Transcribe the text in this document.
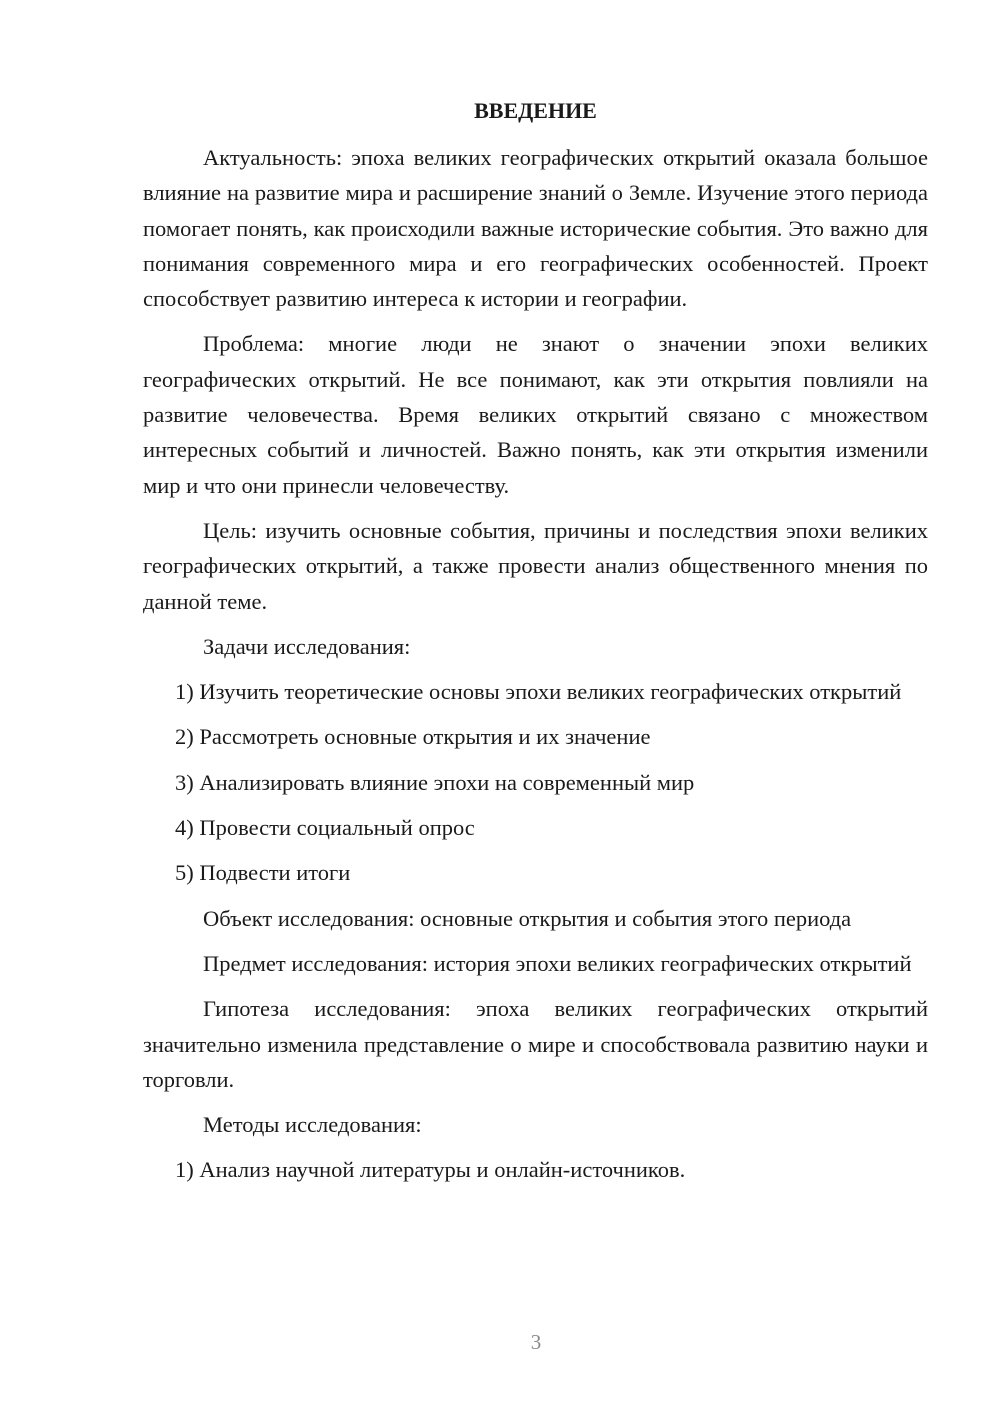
ВВЕДЕНИЕ

Актуальность: эпоха великих географических открытий оказала большое влияние на развитие мира и расширение знаний о Земле. Изучение этого периода помогает понять, как происходили важные исторические события. Это важно для понимания современного мира и его географических особенностей. Проект способствует развитию интереса к истории и географии.

Проблема: многие люди не знают о значении эпохи великих географических открытий. Не все понимают, как эти открытия повлияли на развитие человечества. Время великих открытий связано с множеством интересных событий и личностей. Важно понять, как эти открытия изменили мир и что они принесли человечеству.

Цель: изучить основные события, причины и последствия эпохи великих географических открытий, а также провести анализ общественного мнения по данной теме.

Задачи исследования:

1) Изучить теоретические основы эпохи великих географических открытий

2) Рассмотреть основные открытия и их значение

3) Анализировать влияние эпохи на современный мир

4) Провести социальный опрос

5) Подвести итоги

Объект исследования: основные открытия и события этого периода

Предмет исследования: история эпохи великих географических открытий

Гипотеза исследования: эпоха великих географических открытий значительно изменила представление о мире и способствовала развитию науки и торговли.

Методы исследования:

1) Анализ научной литературы и онлайн-источников.

3
